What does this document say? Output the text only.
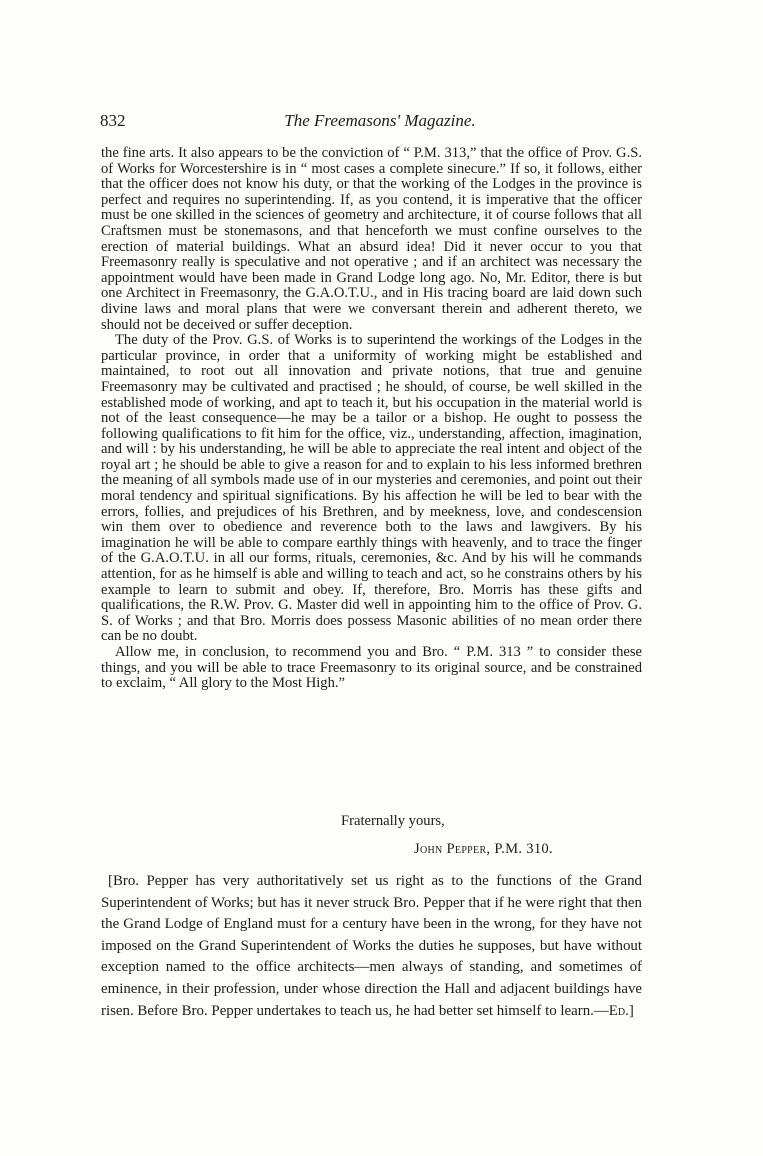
832	The Freemasons' Magazine.

the fine arts. It also appears to be the conviction of “ P.M. 313,” that the office of Prov. G.S. of Works for Worcestershire is in “ most cases a complete sinecure.” If so, it follows, either that the officer does not know his duty, or that the working of the Lodges in the province is perfect and requires no superintending. If, as you contend, it is imperative that the officer must be one skilled in the sciences of geometry and architecture, it of course follows that all Craftsmen must be stonemasons, and that henceforth we must confine ourselves to the erection of material buildings. What an absurd idea! Did it never occur to you that Freemasonry really is speculative and not operative ; and if an architect was necessary the appointment would have been made in Grand Lodge long ago. No, Mr. Editor, there is but one Architect in Freemasonry, the G.A.O.T.U., and in His tracing board are laid down such divine laws and moral plans that were we conversant therein and adherent thereto, we should not be deceived or suffer deception.

The duty of the Prov. G.S. of Works is to superintend the workings of the Lodges in the particular province, in order that a uniformity of working might be established and maintained, to root out all innovation and private notions, that true and genuine Freemasonry may be cultivated and practised ; he should, of course, be well skilled in the established mode of working, and apt to teach it, but his occupation in the material world is not of the least consequence—he may be a tailor or a bishop. He ought to possess the following qualifications to fit him for the office, viz., understanding, affection, imagination, and will : by his understanding, he will be able to appreciate the real intent and object of the royal art ; he should be able to give a reason for and to explain to his less informed brethren the meaning of all symbols made use of in our mysteries and ceremonies, and point out their moral tendency and spiritual significations. By his affection he will be led to bear with the errors, follies, and prejudices of his Brethren, and by meekness, love, and condescension win them over to obedience and reverence both to the laws and lawgivers. By his imagination he will be able to compare earthly things with heavenly, and to trace the finger of the G.A.O.T.U. in all our forms, rituals, ceremonies, &c. And by his will he commands attention, for as he himself is able and willing to teach and act, so he constrains others by his example to learn to submit and obey. If, therefore, Bro. Morris has these gifts and qualifications, the R.W. Prov. G. Master did well in appointing him to the office of Prov. G. S. of Works ; and that Bro. Morris does possess Masonic abilities of no mean order there can be no doubt.

Allow me, in conclusion, to recommend you and Bro. “ P.M. 313 ” to consider these things, and you will be able to trace Freemasonry to its original source, and be constrained to exclaim, “ All glory to the Most High.”

Fraternally yours,
John Pepper, P.M. 310.

[Bro. Pepper has very authoritatively set us right as to the functions of the Grand Superintendent of Works; but has it never struck Bro. Pepper that if he were right that then the Grand Lodge of England must for a century have been in the wrong, for they have not imposed on the Grand Superintendent of Works the duties he supposes, but have without exception named to the office architects—men always of standing, and sometimes of eminence, in their profession, under whose direction the Hall and adjacent buildings have risen. Before Bro. Pepper undertakes to teach us, he had better set himself to learn.—Ed.]
